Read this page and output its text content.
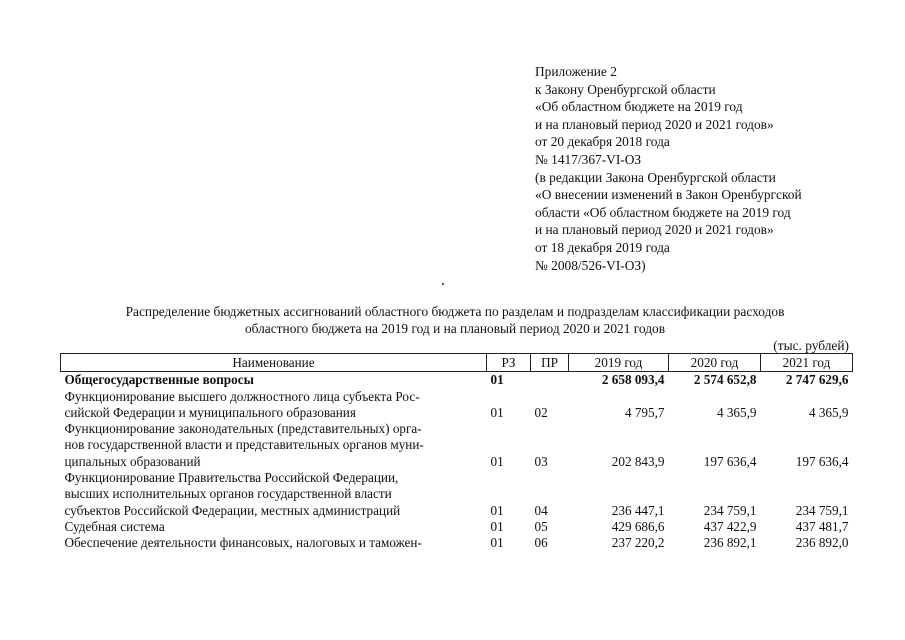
Приложение 2
к Закону Оренбургской области
«Об областном бюджете на 2019 год
и на плановый период 2020 и 2021 годов»
от 20 декабря 2018 года
№ 1417/367-VI-ОЗ
(в редакции Закона Оренбургской области
«О внесении изменений в Закон Оренбургской
области «Об областном бюджете на 2019 год
и на плановый период 2020 и 2021 годов»
от 18 декабря 2019 года
№ 2008/526-VI-ОЗ)
Распределение бюджетных ассигнований областного бюджета по разделам и подразделам классификации расходов
областного бюджета на 2019 год и на плановый период 2020 и 2021 годов
(тыс. рублей)
Наименование	РЗ	ПР	2019 год	2020 год	2021 год
Общегосударственные вопросы	01		2 658 093,4	2 574 652,8	2 747 629,6
Функционирование высшего должностного лица субъекта Рос-
сийской Федерации и муниципального образования	01	02	4 795,7	4 365,9	4 365,9
Функционирование законодательных (представительных) орга-
нов государственной власти и представительных органов муни-
ципальных образований	01	03	202 843,9	197 636,4	197 636,4
Функционирование Правительства Российской Федерации,
высших исполнительных органов государственной власти
субъектов Российской Федерации, местных администраций	01	04	236 447,1	234 759,1	234 759,1
Судебная система	01	05	429 686,6	437 422,9	437 481,7
Обеспечение деятельности финансовых, налоговых и таможен-	01	06	237 220,2	236 892,1	236 892,0
